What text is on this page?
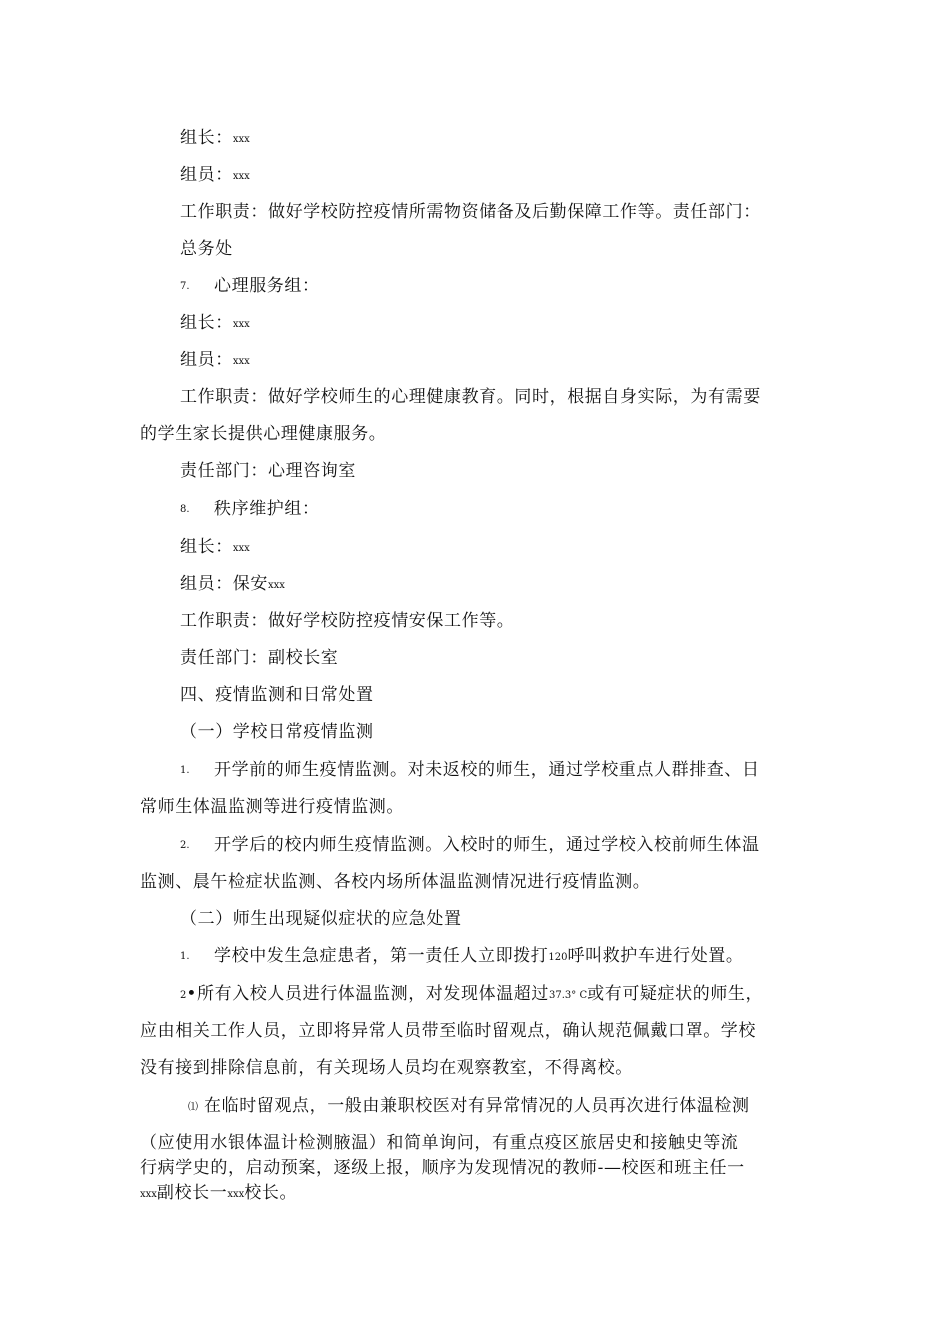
组长：xxx
组员：xxx
工作职责：做好学校防控疫情所需物资储备及后勤保障工作等。责任部门：
总务处
7. 心理服务组：
组长：xxx
组员：xxx
工作职责：做好学校师生的心理健康教育。同时，根据自身实际，为有需要
的学生家长提供心理健康服务。
责任部门：心理咨询室
8. 秩序维护组：
组长：xxx
组员：保安xxx
工作职责：做好学校防控疫情安保工作等。
责任部门：副校长室
四、疫情监测和日常处置
（一）学校日常疫情监测
1. 开学前的师生疫情监测。对未返校的师生，通过学校重点人群排查、日
常师生体温监测等进行疫情监测。
2. 开学后的校内师生疫情监测。入校时的师生，通过学校入校前师生体温
监测、晨午检症状监测、各校内场所体温监测情况进行疫情监测。
（二）师生出现疑似症状的应急处置
1. 学校中发生急症患者，第一责任人立即拨打120呼叫救护车进行处置。
2•所有入校人员进行体温监测，对发现体温超过37.3° C或有可疑症状的师生，
应由相关工作人员，立即将异常人员带至临时留观点，确认规范佩戴口罩。学校
没有接到排除信息前，有关现场人员均在观察教室，不得离校。
⑴ 在临时留观点，一般由兼职校医对有异常情况的人员再次进行体温检测
（应使用水银体温计检测腋温）和简单询问，有重点疫区旅居史和接触史等流
行病学史的，启动预案，逐级上报，顺序为发现情况的教师-—校医和班主任一
xxx副校长一xxx校长。
